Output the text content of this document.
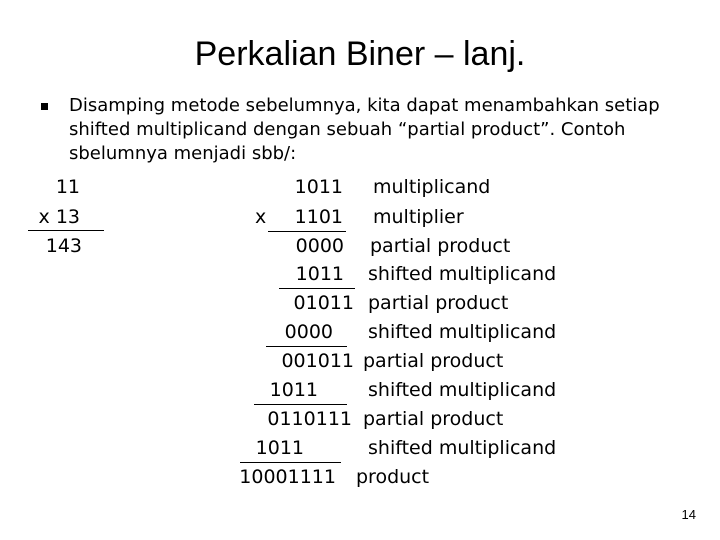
Perkalian Biner – lanj.
Disamping metode sebelumnya, kita dapat menambahkan setiap shifted multiplicand dengan sebuah “partial product”. Contoh sbelumnya menjadi sbb/:
11
x 13
143
x
1011 multiplicand
1101 multiplier
0000 partial product
1011 shifted multiplicand
01011 partial product
0000 shifted multiplicand
001011 partial product
1011	shifted multiplicand
0110111 partial product
1011	shifted multiplicand
10001111 product
14
